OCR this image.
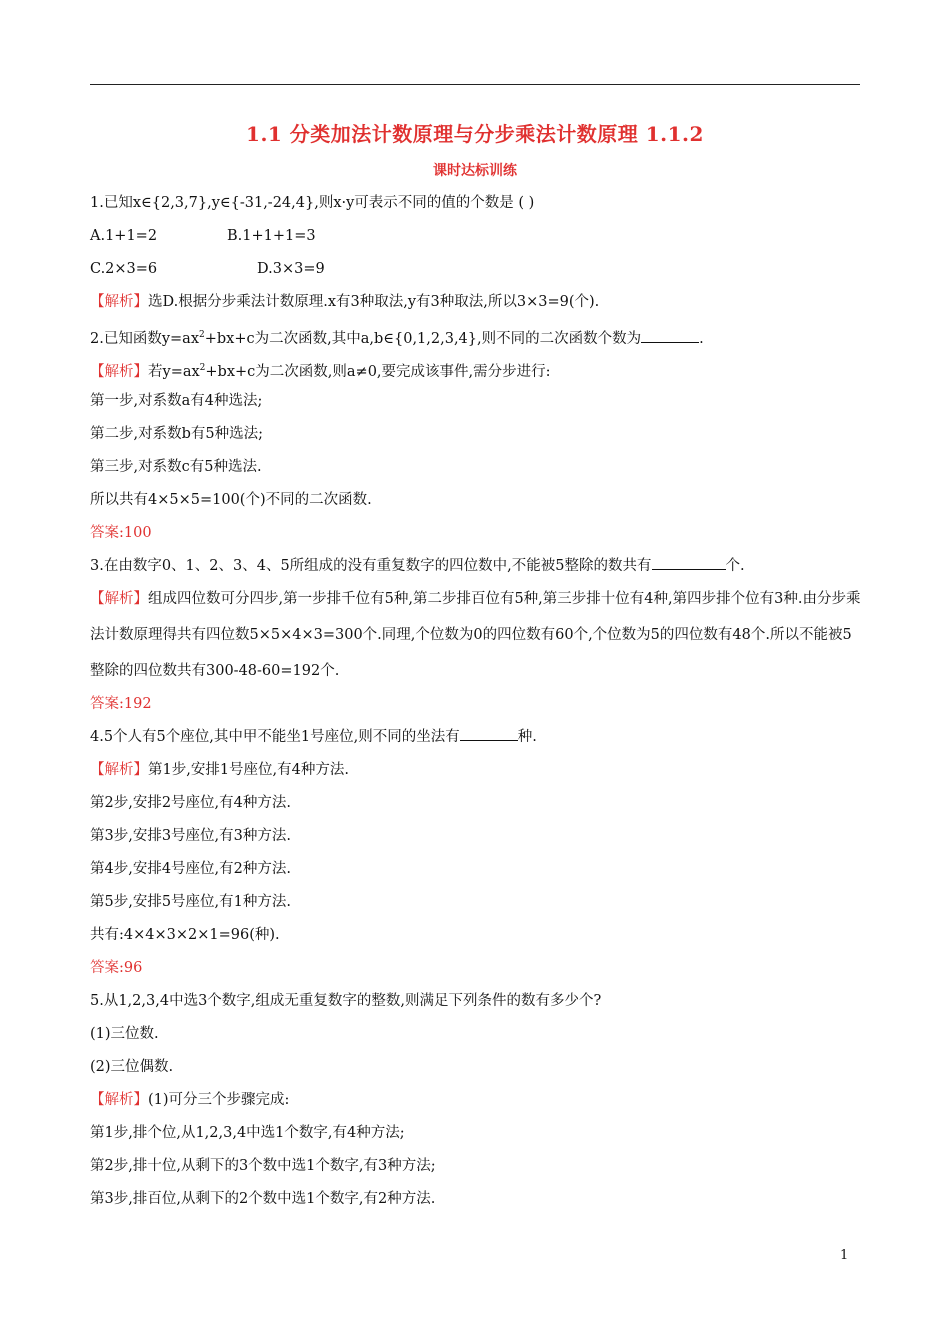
1.1 分类加法计数原理与分步乘法计数原理 1.1.2
课时达标训练
1.已知x∈{2,3,7},y∈{-31,-24,4},则x·y可表示不同的值的个数是 ( )
A.1+1=2	B.1+1+1=3
C.2×3=6	D.3×3=9
【解析】选D.根据分步乘法计数原理.x有3种取法,y有3种取法,所以3×3=9(个).
2.已知函数$y=ax^2+bx+c$为二次函数,其中a,b∈{0,1,2,3,4},则不同的二次函数个数为	.
【解析】若$y=ax^2+bx+c$为二次函数,则a≠0,要完成该事件,需分步进行:
第一步,对系数a有4种选法;
第二步,对系数b有5种选法;
第三步,对系数c有5种选法.
所以共有4×5×5=100(个)不同的二次函数.
答案:100
3.在由数字0、1、2、3、4、5所组成的没有重复数字的四位数中,不能被5整除的数共有	个.
【解析】组成四位数可分四步,第一步排千位有5种,第二步排百位有5种,第三步排十位有4种,第四步排个位有3种.由分步乘法计数原理得共有四位数5×5×4×3=300个.同理,个位数为0的四位数有60个,个位数为5的四位数有48个.所以不能被5整除的四位数共有300-48-60=192个.
答案:192
4.5个人有5个座位,其中甲不能坐1号座位,则不同的坐法有	种.
【解析】第1步,安排1号座位,有4种方法.
第2步,安排2号座位,有4种方法.
第3步,安排3号座位,有3种方法.
第4步,安排4号座位,有2种方法.
第5步,安排5号座位,有1种方法.
共有:4×4×3×2×1=96(种).
答案:96
5.从1,2,3,4中选3个数字,组成无重复数字的整数,则满足下列条件的数有多少个?
(1)三位数.
(2)三位偶数.
【解析】(1)可分三个步骤完成:
第1步,排个位,从1,2,3,4中选1个数字,有4种方法;
第2步,排十位,从剩下的3个数中选1个数字,有3种方法;
第3步,排百位,从剩下的2个数中选1个数字,有2种方法.
1
